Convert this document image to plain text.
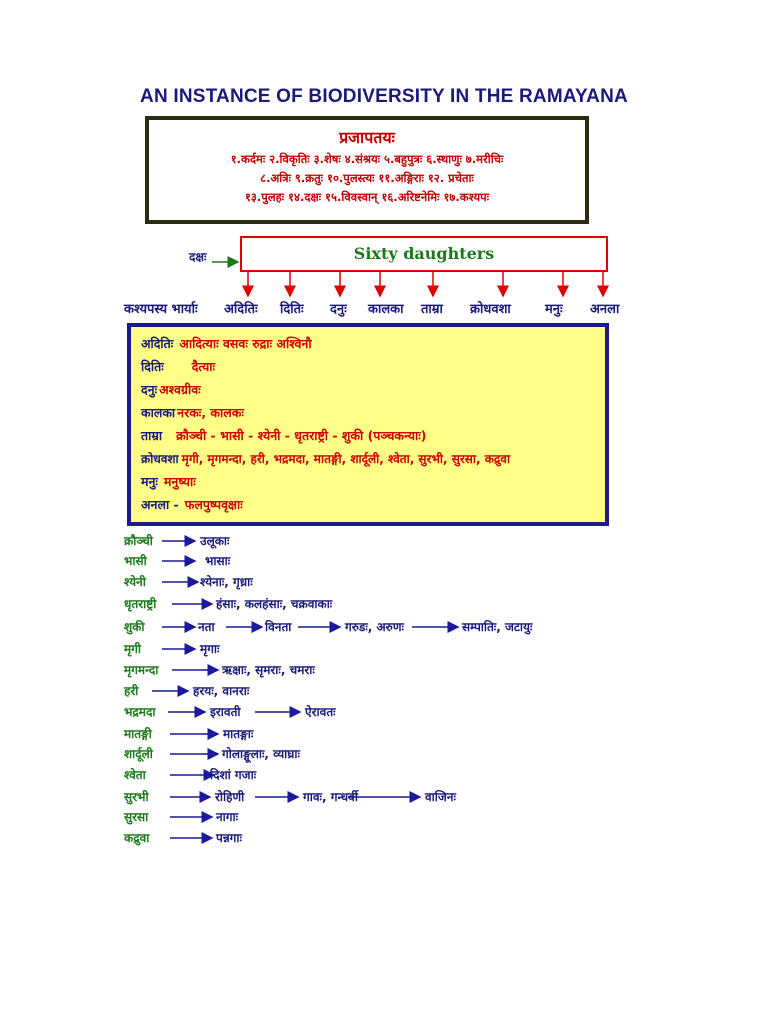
AN INSTANCE OF BIODIVERSITY IN THE RAMAYANA
प्रजापतयः
१.कर्दमः २.विकृतिः ३.शेषः ४.संश्रयः ५.बहुपुत्रः ६.स्थाणुः ७.मरीचिः
८.अत्रिः ९.क्रतुः १०.पुलस्त्यः ११.अङ्गिराः १२. प्रचेताः
१३.पुलहः १४.दक्षः १५.विवस्वान् १६.अरिष्टनेमिः १७.कश्यपः
दक्षः	Sixty daughters
कश्यपस्य भार्याः अदितिः दितिः दनुः कालका ताम्रा क्रोधवशा	मनुः अनला
अदितिः आदित्याः वसवः रुद्राः अश्विनौ
दितिः दैत्याः
दनुः अश्वग्रीवः
कालका नरकः, कालकः
ताम्रा क्रौञ्ची - भासी - श्येनी - धृतराष्ट्री - शुकी (पञ्चकन्याः)
क्रोधवशा मृगी, मृगमन्दा, हरी, भद्रमदा, मातङ्गी, शार्दूली, श्वेता, सुरभी, सुरसा, कद्रुवा
मनुः मनुष्याः
अनला - फलपुष्पवृक्षाः
क्रौञ्ची	उलूकाः
भासी	भासाः
श्येनी	श्येनाः, गृध्राः
धृतराष्ट्री	हंसाः, कलहंसाः, चक्रवाकाः
शुकी	नता	विनता	गरुडः, अरुणः	सम्पातिः, जटायुः
मृगी	मृगाः
मृगमन्दा	ऋक्षाः, सृमराः, चमराः
हरी	हरयः, वानराः
भद्रमदा	इरावती	ऐरावतः
मातङ्गी	मातङ्गाः
शार्दूली	गोलाङ्गूलाः, व्याघ्राः
श्वेता	दिशां गजाः
सुरभी	रोहिणी	गावः, गन्धर्वी	वाजिनः
सुरसा	नागाः
कद्रुवा	पन्नगाः
